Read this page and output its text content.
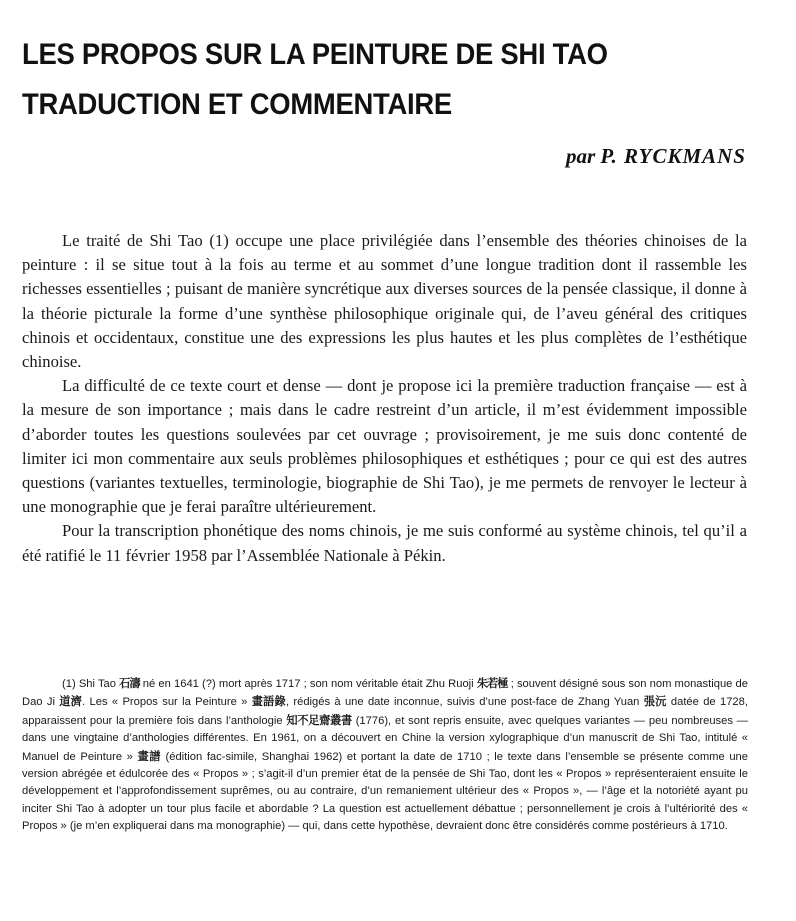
LES PROPOS SUR LA PEINTURE DE SHI TAO
TRADUCTION ET COMMENTAIRE
par P. RYCKMANS

Le traité de Shi Tao (1) occupe une place privilégiée dans l’ensemble des théories chinoises de la peinture : il se situe tout à la fois au terme et au sommet d’une longue tradition dont il rassemble les richesses essentielles ; puisant de manière syncrétique aux diverses sources de la pensée classique, il donne à la théorie picturale la forme d’une synthèse philosophique originale qui, de l’aveu général des critiques chinois et occidentaux, constitue une des expressions les plus hautes et les plus complètes de l’esthétique chinoise.

La difficulté de ce texte court et dense — dont je propose ici la première traduction française — est à la mesure de son importance ; mais dans le cadre restreint d’un article, il m’est évidemment impossible d’aborder toutes les questions soulevées par cet ouvrage ; provisoirement, je me suis donc contenté de limiter ici mon commentaire aux seuls problèmes philosophiques et esthétiques ; pour ce qui est des autres questions (variantes textuelles, terminologie, biographie de Shi Tao), je me permets de renvoyer le lecteur à une monographie que je ferai paraître ultérieurement.

Pour la transcription phonétique des noms chinois, je me suis conformé au système chinois, tel qu’il a été ratifié le 11 février 1958 par l’Assemblée Nationale à Pékin.

(1) Shi Tao 石濤 né en 1641 (?) mort après 1717 ; son nom véritable était Zhu Ruoji 朱若極 ; souvent désigné sous son nom monastique de Dao Ji 道濟. Les « Propos sur la Peinture » 畫語錄, rédigés à une date inconnue, suivis d’une post-face de Zhang Yuan 張沅 datée de 1728, apparaissent pour la première fois dans l’anthologie 知不足齋叢書 (1776), et sont repris ensuite, avec quelques variantes — peu nombreuses — dans une vingtaine d’anthologies différentes. En 1961, on a découvert en Chine la version xylographique d’un manuscrit de Shi Tao, intitulé « Manuel de Peinture » 畫譜 (édition fac-simile, Shanghai 1962) et portant la date de 1710 ; le texte dans l’ensemble se présente comme une version abrégée et édulcorée des « Propos » ; s’agit-il d’un premier état de la pensée de Shi Tao, dont les « Propos » représenteraient ensuite le développement et l’approfondissement suprêmes, ou au contraire, d’un remaniement ultérieur des « Propos », — l’âge et la notoriété ayant pu inciter Shi Tao à adopter un tour plus facile et abordable ? La question est actuellement débattue ; personnellement je crois à l’ultériorité des « Propos » (je m’en expliquerai dans ma monographie) — qui, dans cette hypothèse, devraient donc être considérés comme postérieurs à 1710.
